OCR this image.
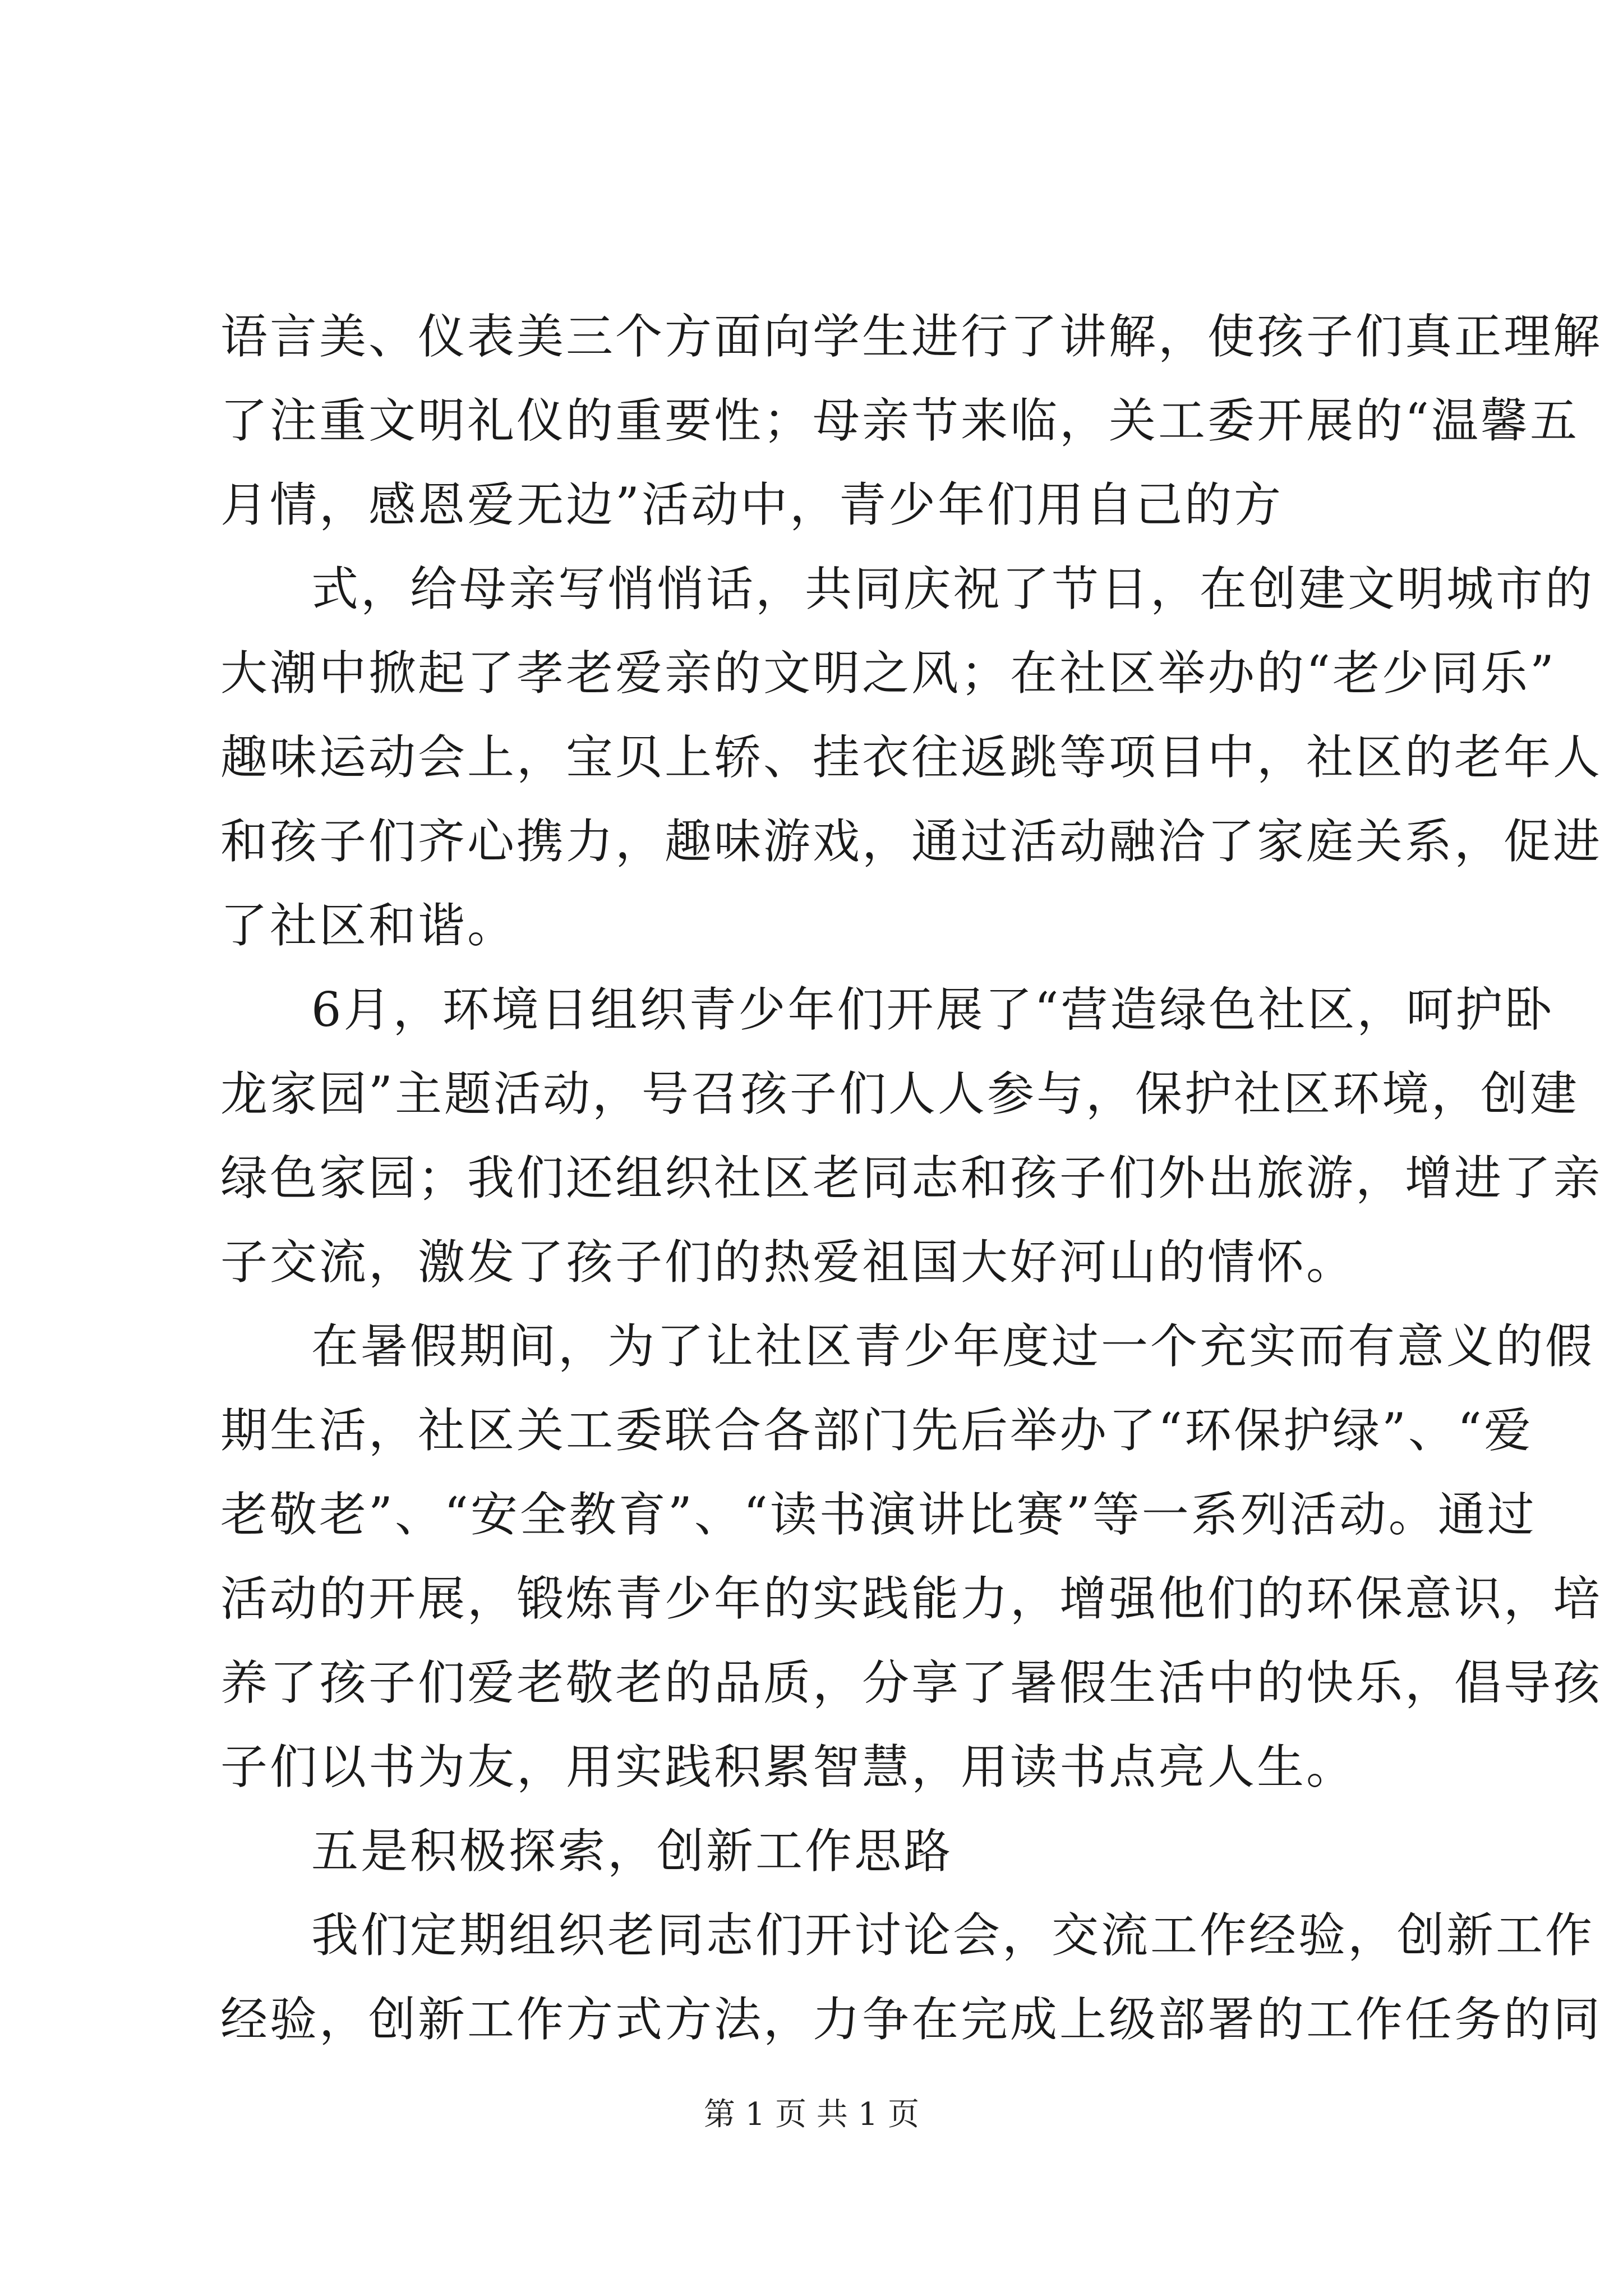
语言美、仪表美三个方面向学生进行了讲解，使孩子们真正理解
了注重文明礼仪的重要性；母亲节来临，关工委开展的“温馨五
月情，感恩爱无边”活动中，青少年们用自己的方
式，给母亲写悄悄话，共同庆祝了节日，在创建文明城市的
大潮中掀起了孝老爱亲的文明之风；在社区举办的“老少同乐”
趣味运动会上，宝贝上轿、挂衣往返跳等项目中，社区的老年人
和孩子们齐心携力，趣味游戏，通过活动融洽了家庭关系，促进
了社区和谐。
6月，环境日组织青少年们开展了“营造绿色社区，呵护卧
龙家园”主题活动，号召孩子们人人参与，保护社区环境，创建
绿色家园；我们还组织社区老同志和孩子们外出旅游，增进了亲
子交流，激发了孩子们的热爱祖国大好河山的情怀。
在暑假期间，为了让社区青少年度过一个充实而有意义的假
期生活，社区关工委联合各部门先后举办了“环保护绿”、“爱
老敬老”、“安全教育”、“读书演讲比赛”等一系列活动。通过
活动的开展，锻炼青少年的实践能力，增强他们的环保意识，培
养了孩子们爱老敬老的品质，分享了暑假生活中的快乐，倡导孩
子们以书为友，用实践积累智慧，用读书点亮人生。
五是积极探索，创新工作思路
我们定期组织老同志们开讨论会，交流工作经验，创新工作
经验，创新工作方式方法，力争在完成上级部署的工作任务的同
第 1 页 共 1 页
